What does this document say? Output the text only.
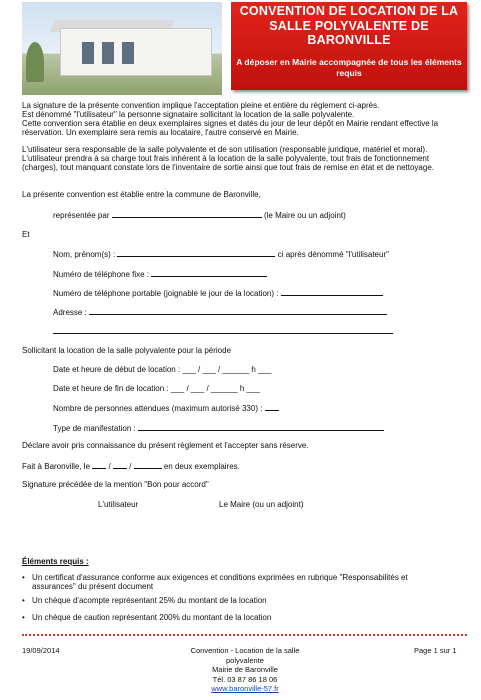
CONVENTION DE LOCATION DE LA SALLE POLYVALENTE DE BARONVILLE
A déposer en Mairie accompagnée de tous les éléments requis
La signature de la présente convention implique l'acceptation pleine et entière du règlement ci-après.
Est dénommé "l'utilisateur" la personne signataire sollicitant la location de la salle polyvalente.
Cette convention sera établie en deux exemplaires signes et datés du jour de leur dépôt en Mairie rendant effective la
réservation. Un exemplaire sera remis au locataire, l'autre conservé en Mairie.
L'utilisateur sera responsable de la salle polyvalente et de son utilisation (responsable juridique, matériel et moral).
L'utilisateur prendra à sa charge tout frais inhérent à la location de la salle polyvalente, tout frais de fonctionnement
(charges), tout manquant constate lors de l'inventaire de sortie ainsi que tout frais de remise en état et de nettoyage.
La présente convention est établie entre la commune de Baronville,
représentée par	(le Maire ou un adjoint)
Et
Nom, prénom(s) :	ci après dénommé "l'utilisateur"
Numéro de téléphone fixe :
Numéro de téléphone portable (joignable le jour de la location) :
Adresse :
Sollicitant la location de la salle polyvalente pour la période
Date et heure de début de location : ___ / ___ / ______ h ___
Date et heure de fin de location : ___ / ___ / ______ h ___
Nombre de personnes attendues (maximum autorisé 330) :
Type de manifestation :
Déclare avoir pris connaissance du présent règlement et l'accepter sans réserve.
Fait à Baronville, le  /  /	en deux exemplaires.
Signature précédée de la mention "Bon pour accord"
L'utilisateur	Le Maire (ou un adjoint)
Éléments requis :
• Un certificat d'assurance conforme aux exigences et conditions exprimées en rubrique "Responsabilités et
assurances" du présent document
• Un chèque d'acompte représentant 25% du montant de la location
• Un chèque de caution représentant 200% du montant de la location
19/09/2014	Convention - Location de la salle
polyvalente
Mairie de Baronville
Tél. 03 87 86 18 06
www.baronville-57.fr
Page 1 sur 1
